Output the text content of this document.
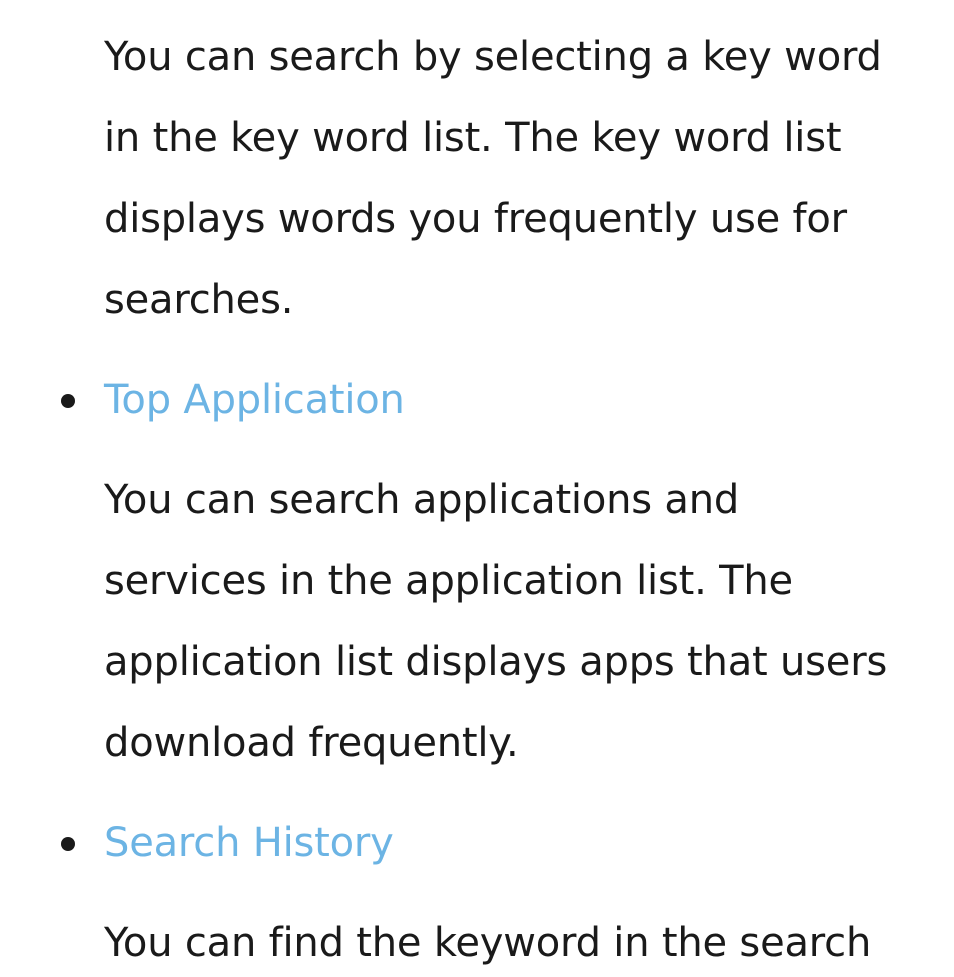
You can search by selecting a key word
in the key word list. The key word list
displays words you frequently use for
searches.

Top Application

You can search applications and
services in the application list. The
application list displays apps that users
download frequently.

Search History

You can find the keyword in the search
